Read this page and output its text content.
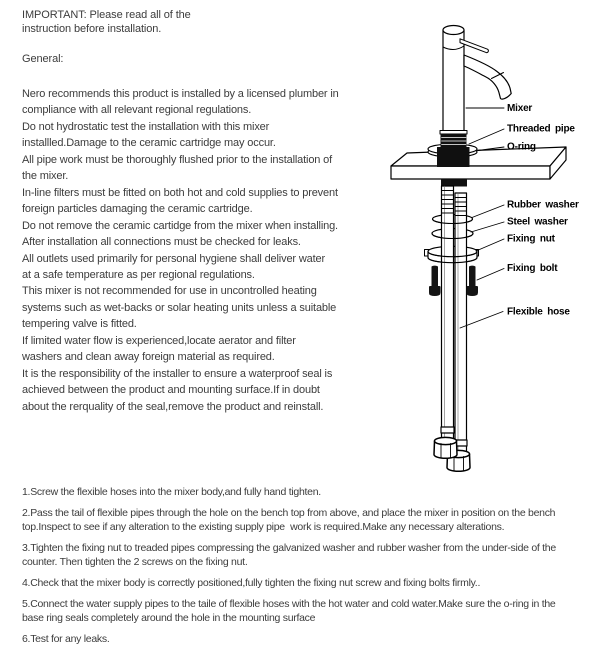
IMPORTANT: Please read all of the
instruction before installation.
General:
Nero recommends this product is installed by a licensed plumber in
compliance with all relevant regional regulations.
Do not hydrostatic test the installation with this mixer
installled.Damage to the ceramic cartridge may occur.
All pipe work must be thoroughly flushed prior to the installation of
the mixer.
In-line filters must be fitted on both hot and cold supplies to prevent
foreign particles damaging the ceramic cartridge.
Do not remove the ceramic cartidge from the mixer when installing.
After installation all connections must be checked for leaks.
All outlets used primarily for personal hygiene shall deliver water
at a safe temperature as per regional regulations.
This mixer is not recommended for use in uncontrolled heating
systems such as wet-backs or solar heating units unless a suitable
tempering valve is fitted.
If limited water flow is experienced,locate aerator and filter
washers and clean away foreign material as required.
It is the responsibility of the installer to ensure a waterproof seal is
achieved between the product and mounting surface.If in doubt
about the rerquality of the seal,remove the product and reinstall.
1.Screw the flexible hoses into the mixer body,and fully hand tighten.
2.Pass the tail of flexible pipes through the hole on the bench top from above, and place the mixer in position on the bench
top.Inspect to see if any alteration to the existing supply pipe  work is required.Make any necessary alterations.
3.Tighten the fixing nut to treaded pipes compressing the galvanized washer and rubber washer from the under-side of the
counter. Then tighten the 2 screws on the fixing nut.
4.Check that the mixer body is correctly positioned,fully tighten the fixing nut screw and fixing bolts firmly..
5.Connect the water supply pipes to the taile of flexible hoses with the hot water and cold water.Make sure the o-ring in the
base ring seals completely around the hole in the mounting surface
6.Test for any leaks.
Mixer
Threaded pipe
O-ring
Rubber washer
Steel washer
Fixing nut
Fixing bolt
Flexible hose
